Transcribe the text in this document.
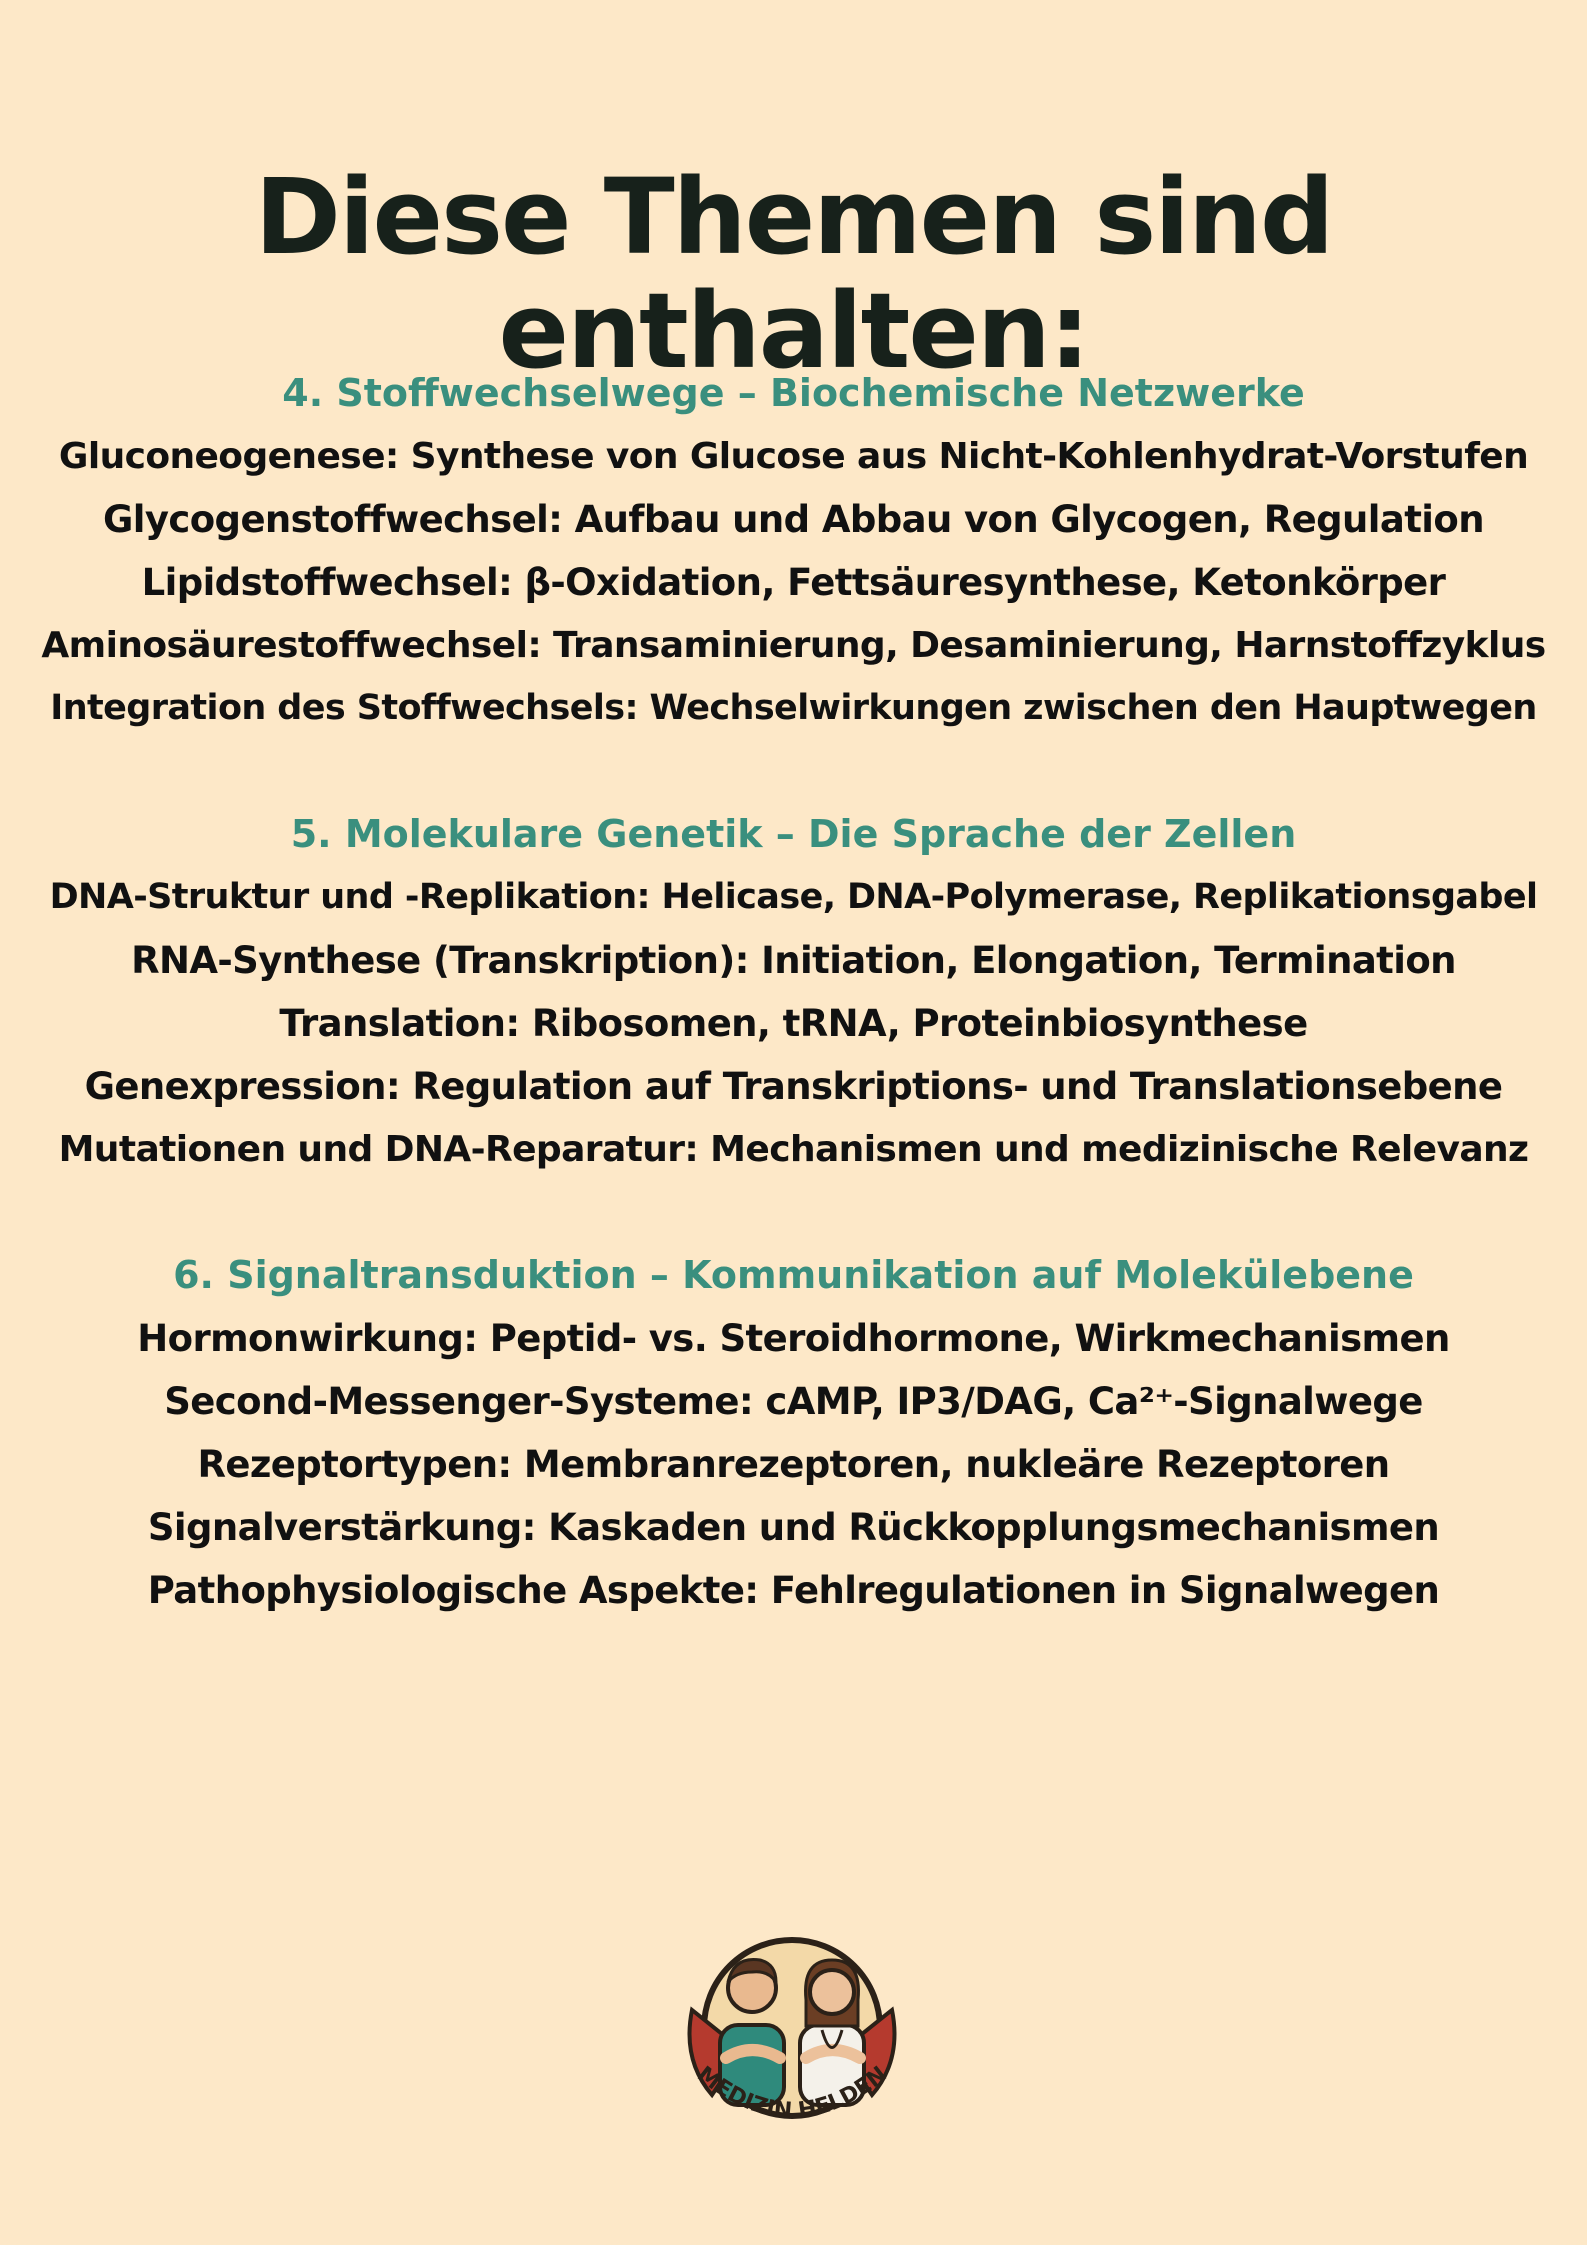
Diese Themen sind enthalten:

4. Stoffwechselwege – Biochemische Netzwerke

Gluconeogenese: Synthese von Glucose aus Nicht-Kohlenhydrat-Vorstufen

Glycogenstoffwechsel: Aufbau und Abbau von Glycogen, Regulation

Lipidstoffwechsel: β-Oxidation, Fettsäuresynthese, Ketonkörper

Aminosäurestoffwechsel: Transaminierung, Desaminierung, Harnstoffzyklus

Integration des Stoffwechsels: Wechselwirkungen zwischen den Hauptwegen

5. Molekulare Genetik – Die Sprache der Zellen

DNA-Struktur und -Replikation: Helicase, DNA-Polymerase, Replikationsgabel

RNA-Synthese (Transkription): Initiation, Elongation, Termination

Translation: Ribosomen, tRNA, Proteinbiosynthese

Genexpression: Regulation auf Transkriptions- und Translationsebene

Mutationen und DNA-Reparatur: Mechanismen und medizinische Relevanz

6. Signaltransduktion – Kommunikation auf Molekülebene

Hormonwirkung: Peptid- vs. Steroidhormone, Wirkmechanismen

Second-Messenger-Systeme: cAMP, IP3/DAG, Ca²⁺-Signalwege

Rezeptortypen: Membranrezeptoren, nukleäre Rezeptoren

Signalverstärkung: Kaskaden und Rückkopplungsmechanismen

Pathophysiologische Aspekte: Fehlregulationen in Signalwegen

MEDIZIN HELDEN
